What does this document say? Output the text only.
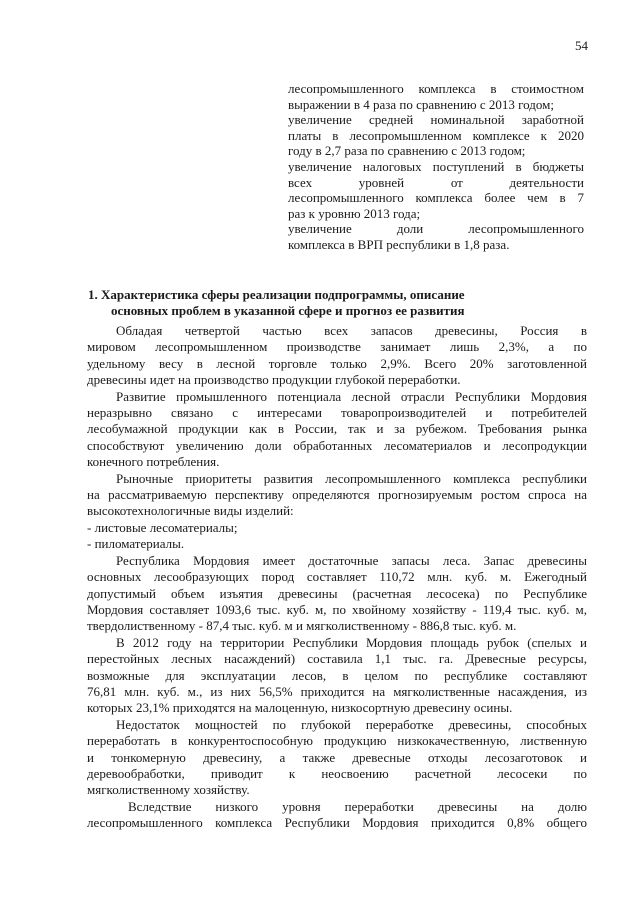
54
лесопромышленного комплекса в стоимостном
выражении в 4 раза по сравнению с 2013 годом;
увеличение средней номинальной заработной
платы в лесопромышленном комплексе к 2020
году в 2,7 раза по сравнению с 2013 годом;
увеличение налоговых поступлений в бюджеты
всех	уровней	от	деятельности
лесопромышленного комплекса более чем в 7
раз к уровню 2013 года;
увеличение	доли	лесопромышленного
комплекса в ВРП республики в 1,8 раза.
1. Характеристика сферы реализации подпрограммы, описание
основных проблем в указанной сфере и прогноз ее развития

Обладая четвертой частью всех запасов древесины, Россия в
мировом лесопромышленном производстве занимает лишь 2,3%, а по
удельному весу в лесной торговле только 2,9%. Всего 20% заготовленной
древесины идет на производство продукции глубокой переработки.

Развитие промышленного потенциала лесной отрасли Республики Мордовия
неразрывно связано с интересами товаропроизводителей и потребителей
лесобумажной продукции как в России, так и за рубежом. Требования рынка
способствуют увеличению доли обработанных лесоматериалов и лесопродукции
конечного потребления.

Рыночные приоритеты развития лесопромышленного комплекса республики
на рассматриваемую перспективу определяются прогнозируемым ростом спроса на
высокотехнологичные виды изделий:

- листовые лесоматериалы;

- пиломатериалы.

Республика Мордовия имеет достаточные запасы леса. Запас древесины
основных лесообразующих пород составляет 110,72 млн. куб. м. Ежегодный
допустимый объем изъятия древесины (расчетная лесосека) по Республике
Мордовия составляет 1093,6 тыс. куб. м, по хвойному хозяйству - 119,4 тыс. куб. м,
твердолиственному - 87,4 тыс. куб. м и мягколиственному - 886,8 тыс. куб. м.

В 2012 году на территории Республики Мордовия площадь рубок (спелых и
перестойных лесных насаждений) составила 1,1 тыс. га. Древесные ресурсы,
возможные для эксплуатации лесов, в целом по республике составляют
76,81 млн. куб. м., из них 56,5% приходится на мягколиственные насаждения, из
которых 23,1% приходятся на малоценную, низкосортную древесину осины.

Недостаток мощностей по глубокой переработке древесины, способных
переработать в конкурентоспособную продукцию низкокачественную, лиственную
и тонкомерную древесину, а также древесные отходы лесозаготовок и
деревообработки, приводит к неосвоению расчетной лесосеки по
мягколиственному хозяйству.

Вследствие низкого уровня переработки древесины на долю
лесопромышленного комплекса Республики Мордовия приходится 0,8% общего
